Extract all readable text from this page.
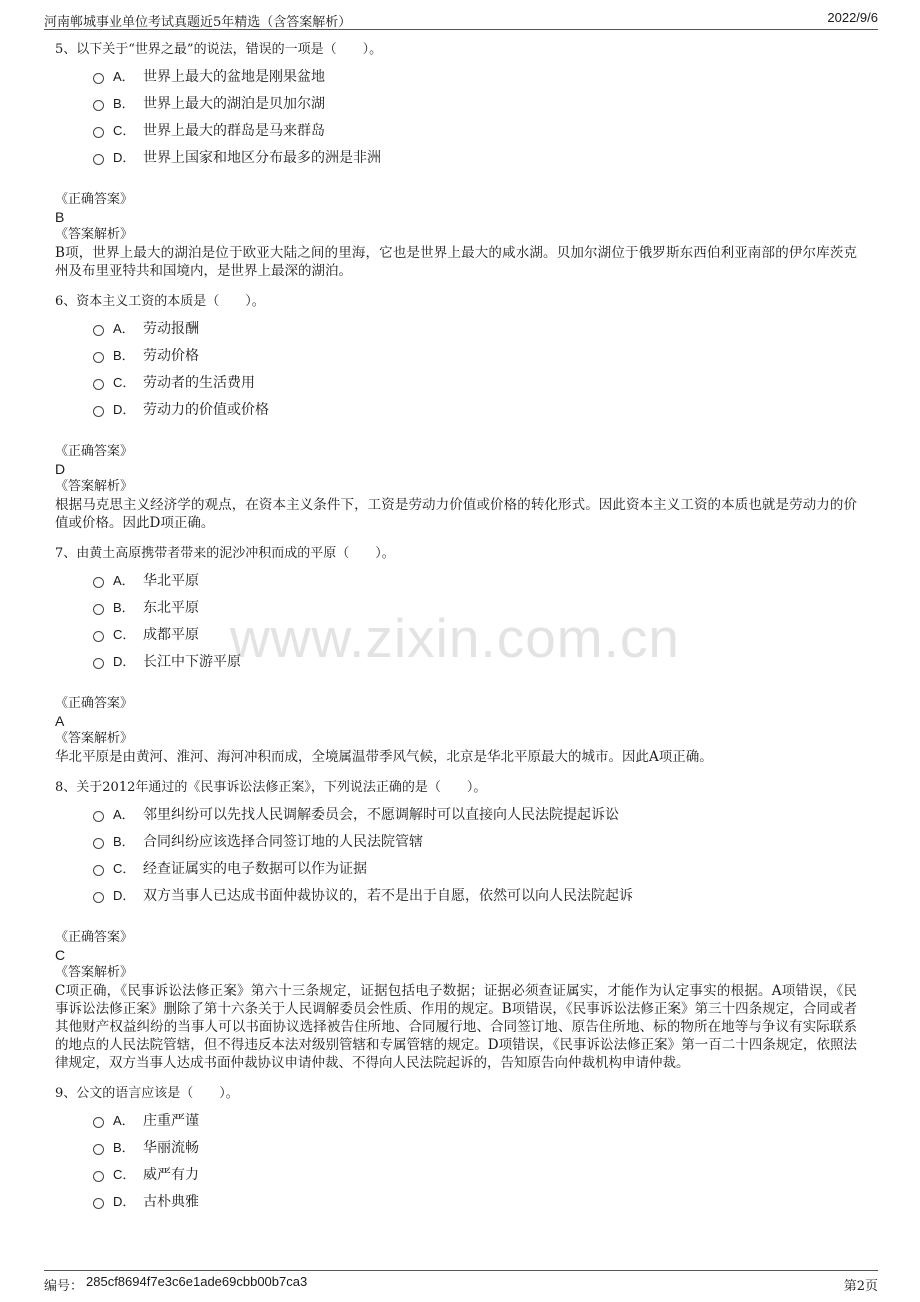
河南郸城事业单位考试真题近5年精选（含答案解析）	2022/9/6
www.zixin.com.cn
5、以下关于“世界之最”的说法，错误的一项是（　　）。
A． 世界上最大的盆地是刚果盆地
B． 世界上最大的湖泊是贝加尔湖
C． 世界上最大的群岛是马来群岛
D． 世界上国家和地区分布最多的洲是非洲
《正确答案》
B
《答案解析》
B项，世界上最大的湖泊是位于欧亚大陆之间的里海，它也是世界上最大的咸水湖。贝加尔湖位于俄罗斯东西伯利亚南部的伊尔库茨克州及布里亚特共和国境内，是世界上最深的湖泊。
6、资本主义工资的本质是（　　）。
A． 劳动报酬
B． 劳动价格
C． 劳动者的生活费用
D． 劳动力的价值或价格
《正确答案》
D
《答案解析》
根据马克思主义经济学的观点，在资本主义条件下，工资是劳动力价值或价格的转化形式。因此资本主义工资的本质也就是劳动力的价值或价格。因此D项正确。
7、由黄土高原携带者带来的泥沙冲积而成的平原（　　）。
A． 华北平原
B． 东北平原
C． 成都平原
D． 长江中下游平原
《正确答案》
A
《答案解析》
华北平原是由黄河、淮河、海河冲积而成，全境属温带季风气候，北京是华北平原最大的城市。因此A项正确。
8、关于2012年通过的《民事诉讼法修正案》，下列说法正确的是（　　）。
A． 邻里纠纷可以先找人民调解委员会，不愿调解时可以直接向人民法院提起诉讼
B． 合同纠纷应该选择合同签订地的人民法院管辖
C． 经查证属实的电子数据可以作为证据
D． 双方当事人已达成书面仲裁协议的，若不是出于自愿，依然可以向人民法院起诉
《正确答案》
C
《答案解析》
C项正确，《民事诉讼法修正案》第六十三条规定，证据包括电子数据；证据必须查证属实，才能作为认定事实的根据。A项错误，《民事诉讼法修正案》删除了第十六条关于人民调解委员会性质、作用的规定。B项错误，《民事诉讼法修正案》第三十四条规定，合同或者其他财产权益纠纷的当事人可以书面协议选择被告住所地、合同履行地、合同签订地、原告住所地、标的物所在地等与争议有实际联系的地点的人民法院管辖，但不得违反本法对级别管辖和专属管辖的规定。D项错误，《民事诉讼法修正案》第一百二十四条规定，依照法律规定，双方当事人达成书面仲裁协议申请仲裁、不得向人民法院起诉的，告知原告向仲裁机构申请仲裁。
9、公文的语言应该是（　　）。
A． 庄重严谨
B． 华丽流畅
C． 威严有力
D． 古朴典雅
编号： 285cf8694f7e3c6e1ade69cbb00b7ca3	第2页
